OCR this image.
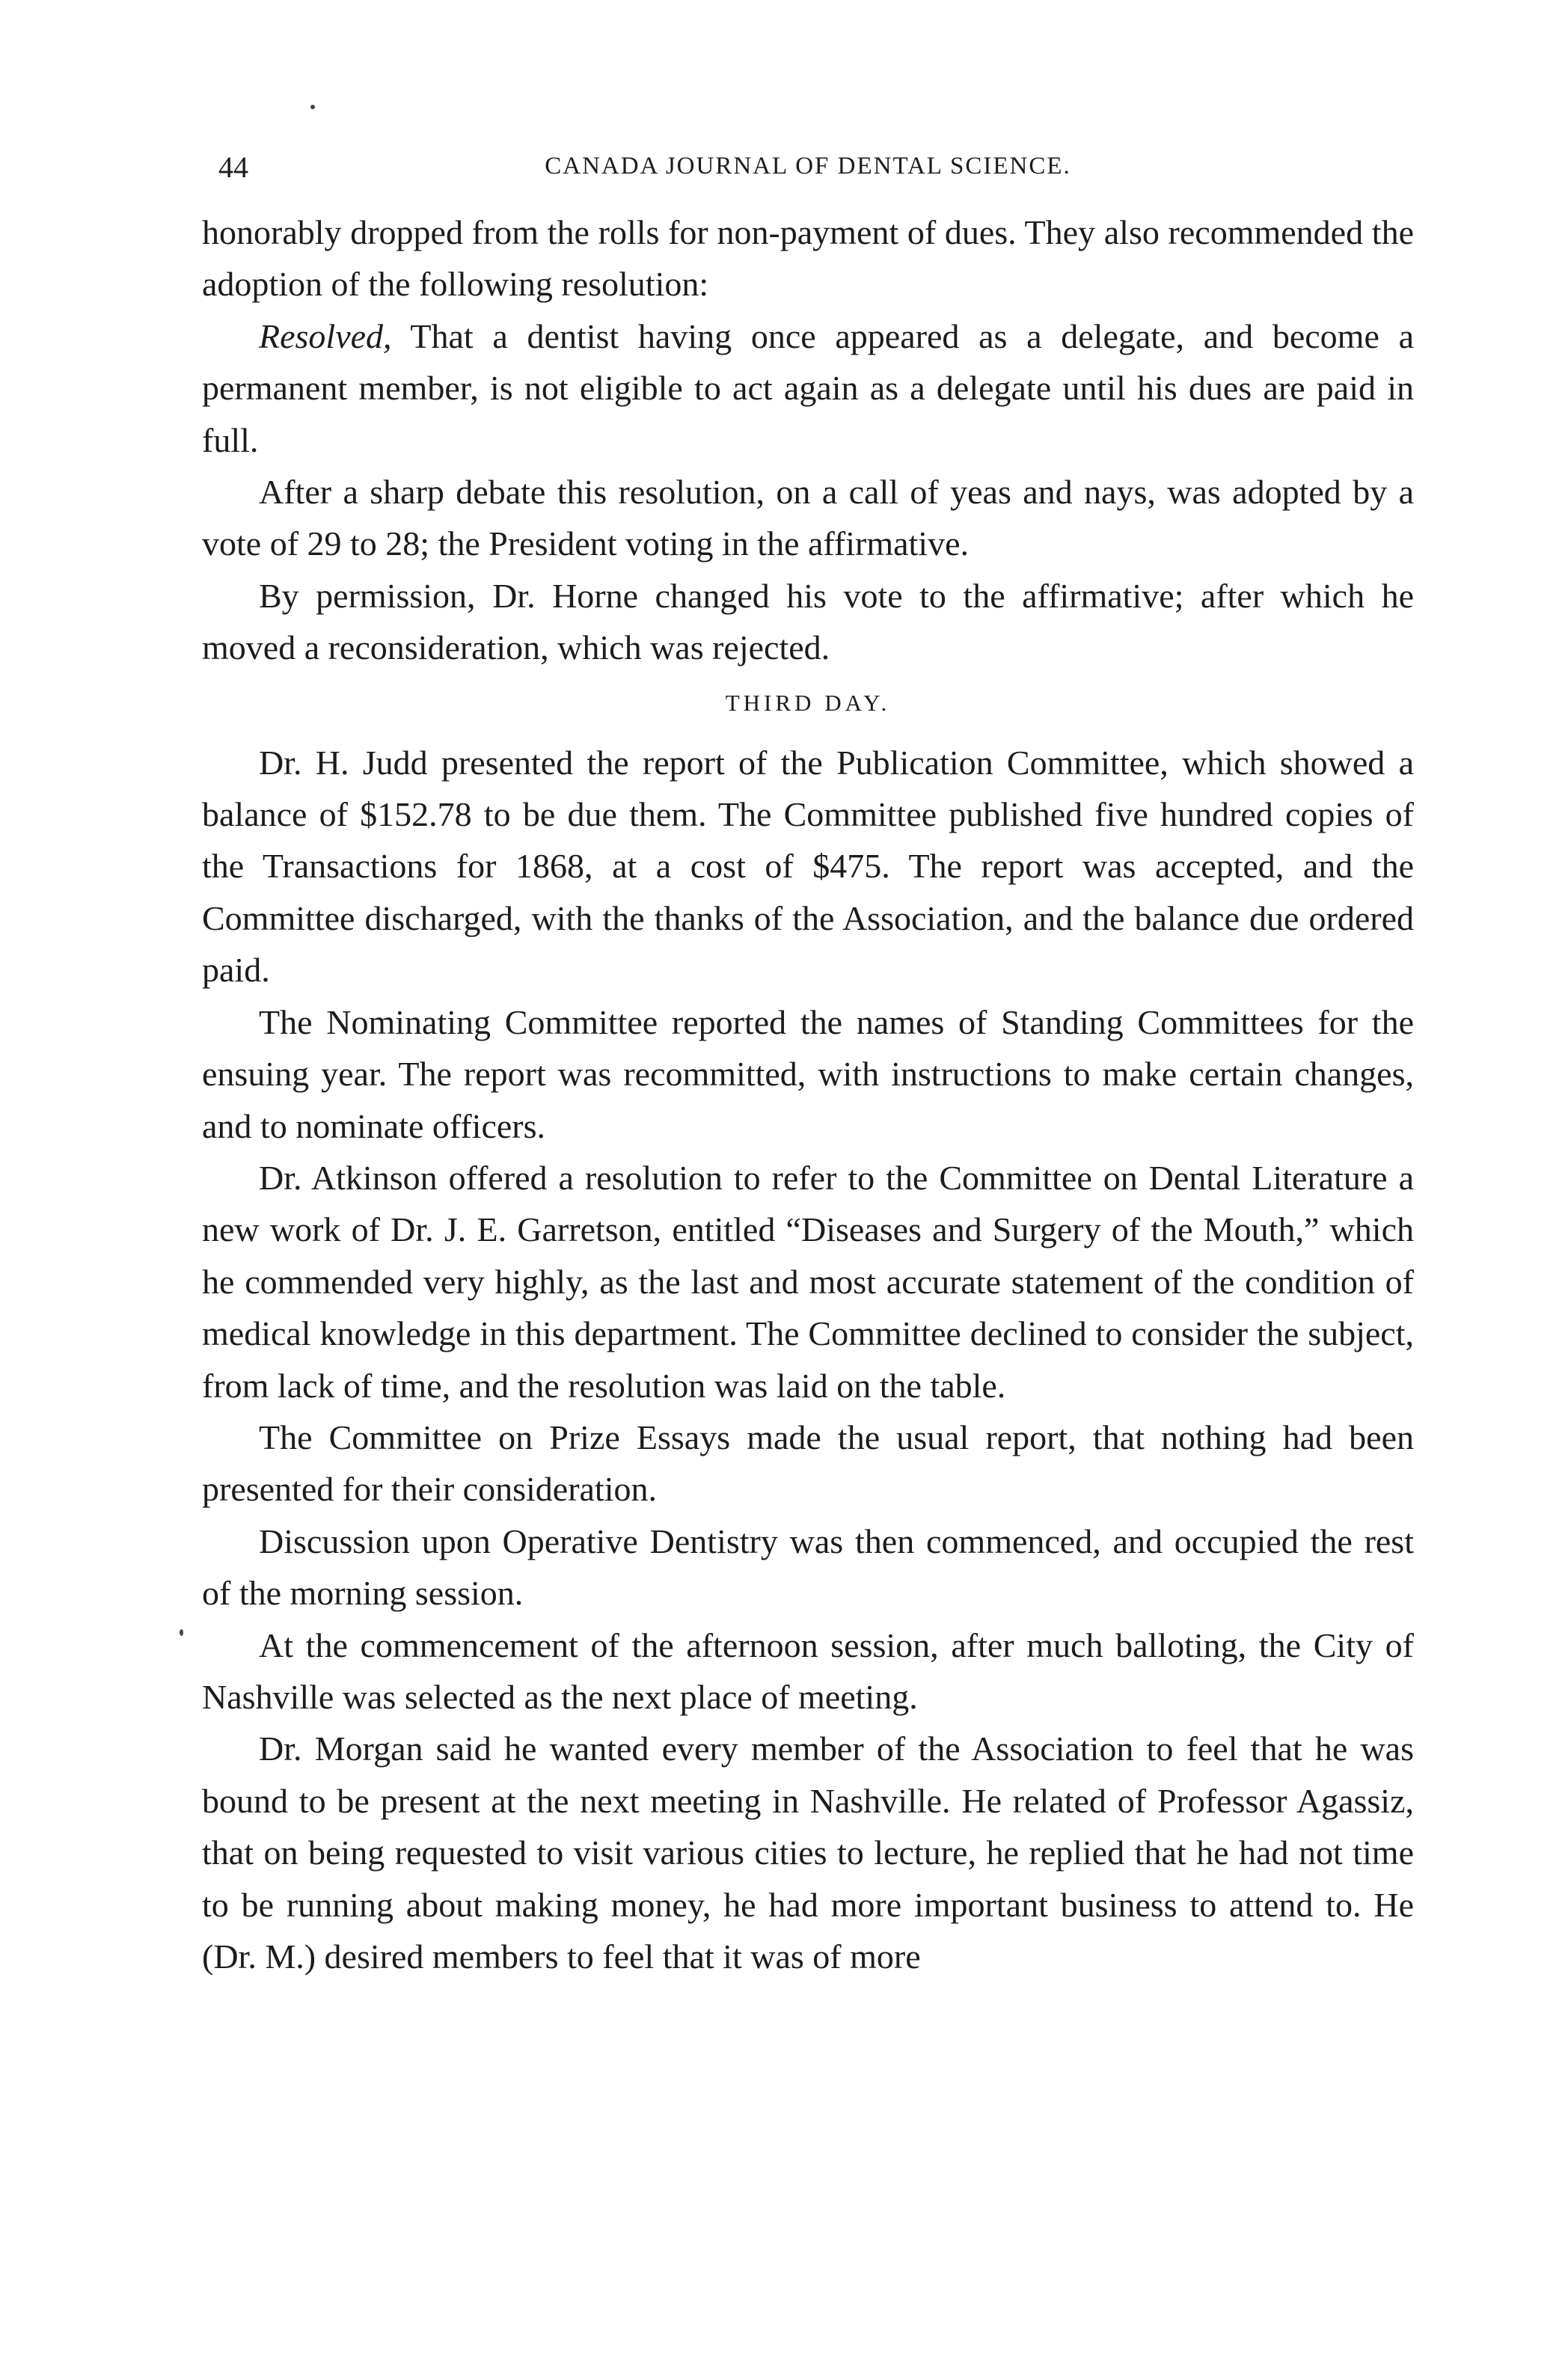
44	CANADA JOURNAL OF DENTAL SCIENCE.

honorably dropped from the rolls for non-payment of dues. They also recommended the adoption of the following resolution:

Resolved, That a dentist having once appeared as a delegate, and become a permanent member, is not eligible to act again as a delegate until his dues are paid in full.

After a sharp debate this resolution, on a call of yeas and nays, was adopted by a vote of 29 to 28; the President voting in the affirmative.

By permission, Dr. Horne changed his vote to the affirmative; after which he moved a reconsideration, which was rejected.

THIRD DAY.

Dr. H. Judd presented the report of the Publication Committee, which showed a balance of $152.78 to be due them. The Committee published five hundred copies of the Transactions for 1868, at a cost of $475. The report was accepted, and the Committee discharged, with the thanks of the Association, and the balance due ordered paid.

The Nominating Committee reported the names of Standing Committees for the ensuing year. The report was recommitted, with instructions to make certain changes, and to nominate officers.

Dr. Atkinson offered a resolution to refer to the Committee on Dental Literature a new work of Dr. J. E. Garretson, entitled “Diseases and Surgery of the Mouth,” which he commended very highly, as the last and most accurate statement of the condition of medical knowledge in this department. The Committee declined to consider the subject, from lack of time, and the resolution was laid on the table.

The Committee on Prize Essays made the usual report, that nothing had been presented for their consideration.

Discussion upon Operative Dentistry was then commenced, and occupied the rest of the morning session.

At the commencement of the afternoon session, after much balloting, the City of Nashville was selected as the next place of meeting.

Dr. Morgan said he wanted every member of the Association to feel that he was bound to be present at the next meeting in Nashville. He related of Professor Agassiz, that on being requested to visit various cities to lecture, he replied that he had not time to be running about making money, he had more important business to attend to. He (Dr. M.) desired members to feel that it was of more
